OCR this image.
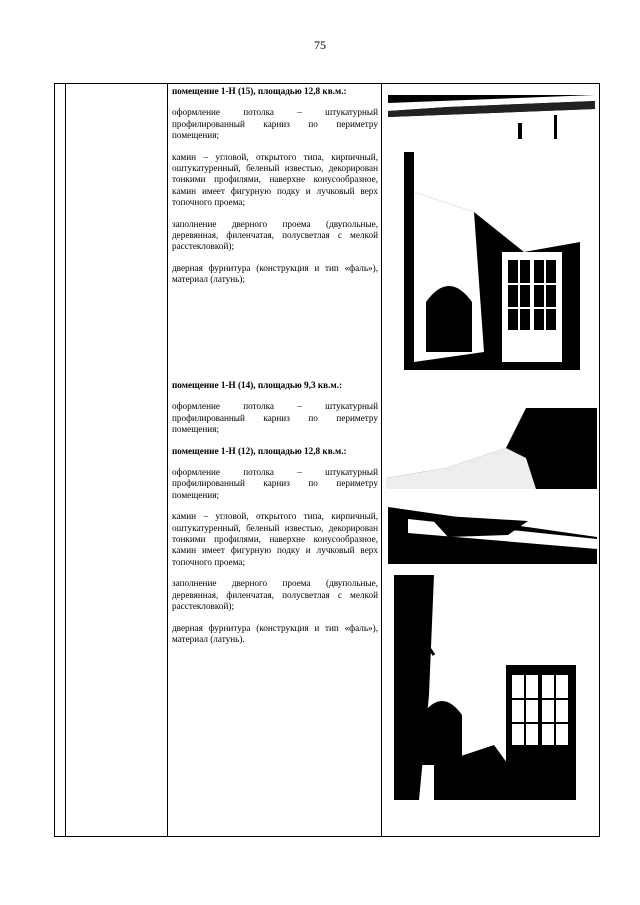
75

помещение 1-Н (15), площадью 12,8 кв.м.:

оформление потолка – штукатурный профилированный карниз по периметру помещения;

камин – угловой, открытого типа, кирпичный, оштукатуренный, беленый известью, декорирован тонкими профилями, наверхне конусообразное, камин имеет фигурную подку и лучковый верх топочного проема;

заполнение дверного проема (двупольные, деревянная, филенчатая, полусветлая с мелкой расстекловкой);

дверная фурнитура (конструкция и тип «фаль»), материал (латунь);

помещение 1-Н (14), площадью 9,3 кв.м.:

оформление потолка – штукатурный профилированный карниз по периметру помещения;

помещение 1-Н (12), площадью 12,8 кв.м.:

оформление потолка – штукатурный профилированный карниз по периметру помещения;

камин – угловой, открытого типа, кирпичный, оштукатуренный, беленый известью, декорирован тонкими профилями, наверхне конусообразное, камин имеет фигурную подку и лучковый верх топочного проема;

заполнение дверного проема (двупольные, деревянная, филенчатая, полусветлая с мелкой расстекловкой);

дверная фурнитура (конструкция и тип «фаль»), материал (латунь).
